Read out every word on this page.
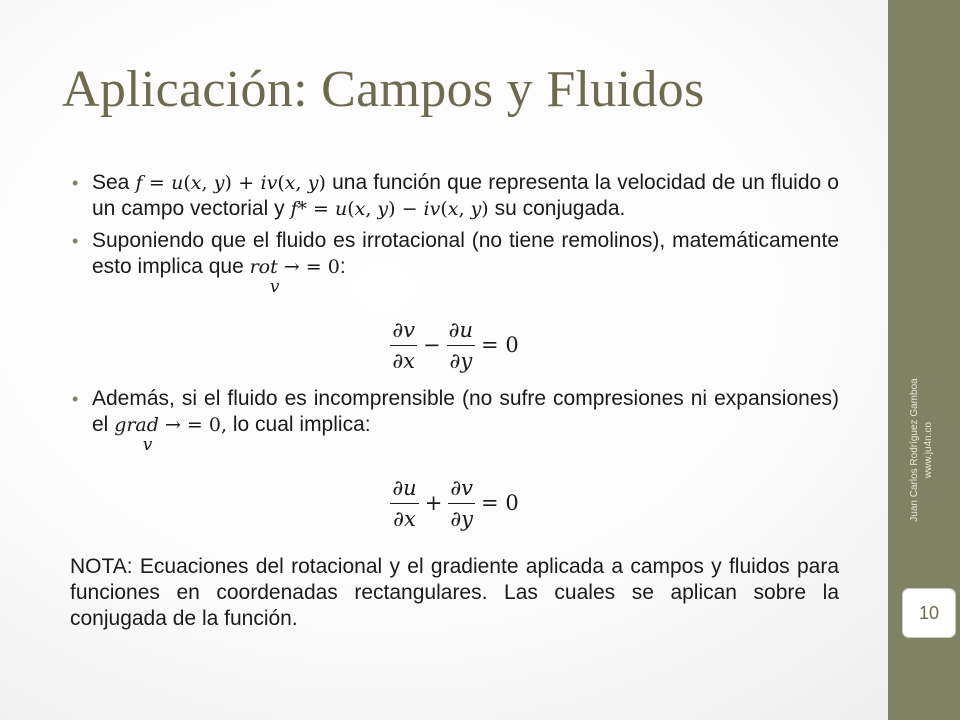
Aplicación: Campos y Fluidos
• Sea 𝑓 = 𝑢(𝑥, 𝑦) + 𝑖𝑣(𝑥, 𝑦) una función que representa la velocidad de un fluido o un campo vectorial y 𝑓* = 𝑢(𝑥, 𝑦) − 𝑖𝑣(𝑥, 𝑦) su conjugada.
• Suponiendo que el fluido es irrotacional (no tiene remolinos), matemáticamente esto implica que 𝑟𝑜𝑡 →
𝑣
= 0:
$\frac{\text{∂𝑣}}{\text{∂𝑥}} - \frac{\text{∂𝑢}}{\text{∂𝑦}} = 0$
• Además, si el fluido es incomprensible (no sufre compresiones ni expansiones) el 𝑔𝑟𝑎𝑑 →
𝑣
= 0, lo cual implica:
$\frac{\text{∂𝑢}}{\text{∂𝑥}} + \frac{\text{∂𝑣}}{\text{∂𝑦}} = 0$
NOTA: Ecuaciones del rotacional y el gradiente aplicada a campos y fluidos para funciones en coordenadas rectangulares. Las cuales se aplican sobre la conjugada de la función.
Juan Carlos Rodríguez Gamboa www.ju4n.co
10
